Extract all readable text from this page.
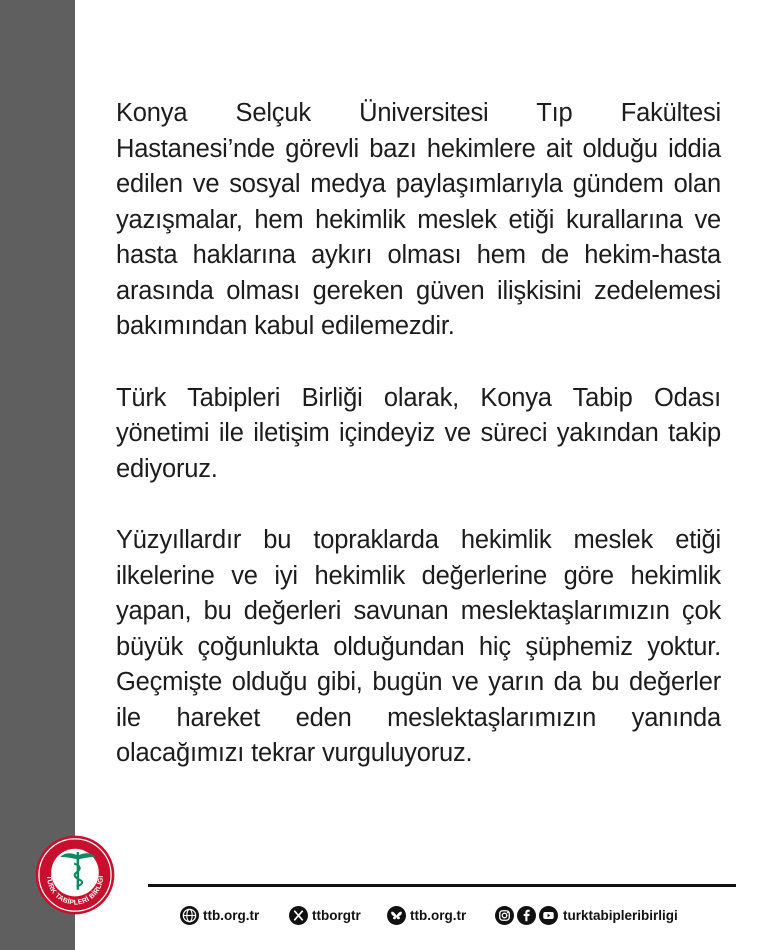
Konya Selçuk Üniversitesi Tıp Fakültesi Hastanesi’nde görevli bazı hekimlere ait olduğu iddia edilen ve sosyal medya paylaşımlarıyla gündem olan yazışmalar, hem hekimlik meslek etiği kurallarına ve hasta haklarına aykırı olması hem de hekim-hasta arasında olması gereken güven ilişkisini zedelemesi bakımından kabul edilemezdir.

Türk Tabipleri Birliği olarak, Konya Tabip Odası yönetimi ile iletişim içindeyiz ve süreci yakından takip ediyoruz.

Yüzyıllardır bu topraklarda hekimlik meslek etiği ilkelerine ve iyi hekimlik değerlerine göre hekimlik yapan, bu değerleri savunan meslektaşlarımızın çok büyük çoğunlukta olduğundan hiç şüphemiz yoktur. Geçmişte olduğu gibi, bugün ve yarın da bu değerler ile hareket eden meslektaşlarımızın yanında olacağımızı tekrar vurguluyoruz.

TÜRK TABİPLERİ BİRLİĞİ
ttb.org.tr	ttborgtr	ttb.org.tr	turktabipleribirligi
